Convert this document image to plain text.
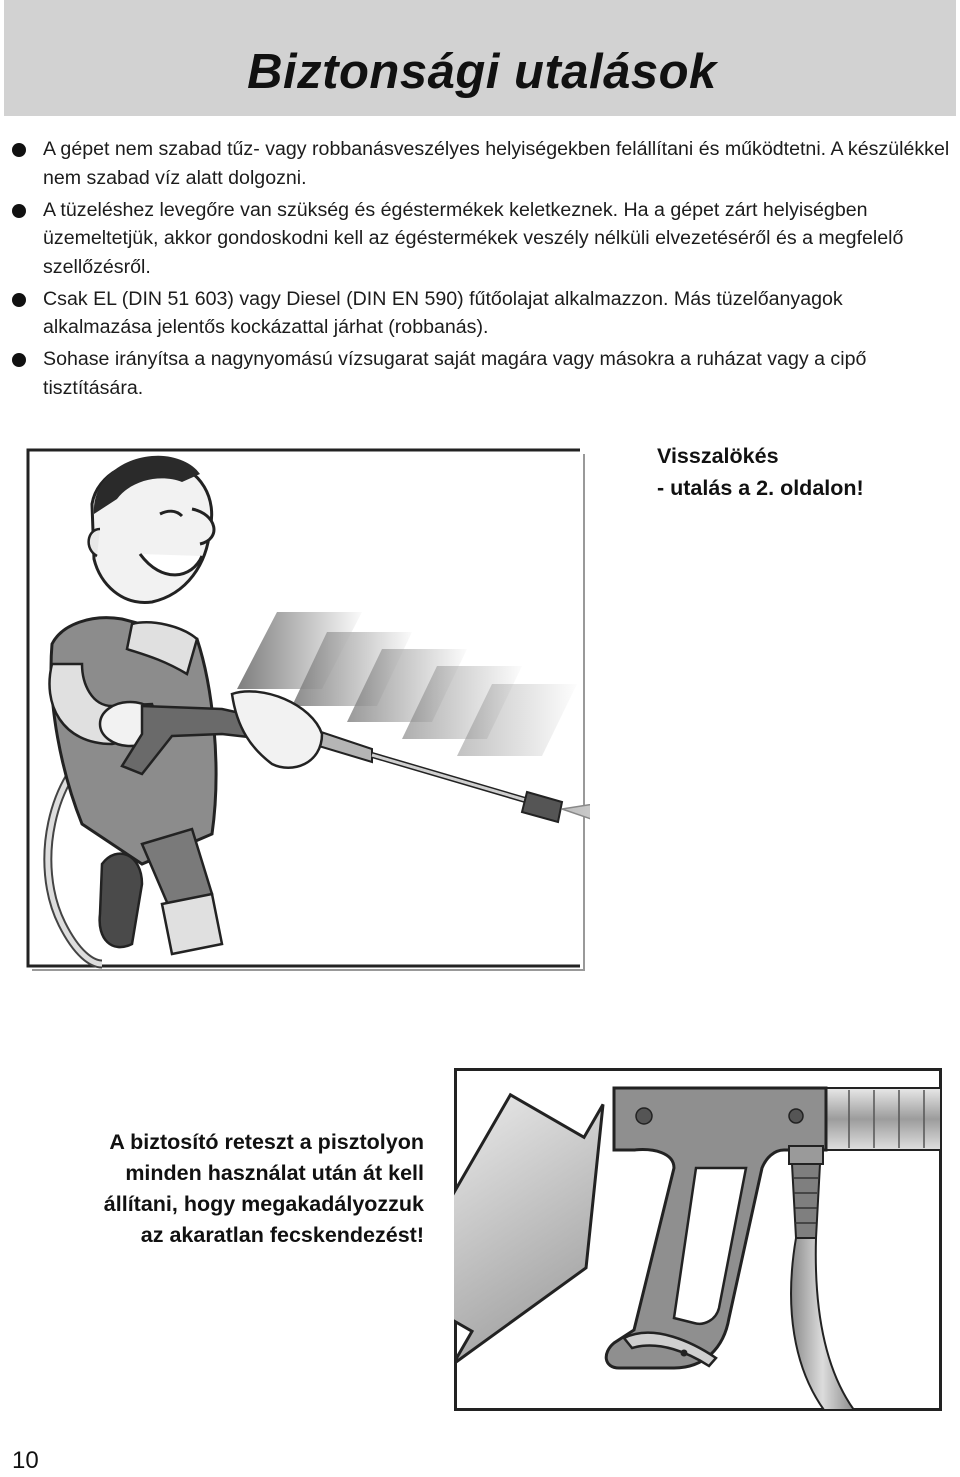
Biztonsági utalások
A gépet nem szabad tűz- vagy robbanásveszélyes helyiségekben felállítani és működtetni. A készülékkel nem szabad víz alatt dolgozni.
A tüzeléshez levegőre van szükség és égéstermékek keletkeznek. Ha a gépet zárt helyiségben üzemeltetjük, akkor gondoskodni kell az égéstermékek veszély nélküli elvezetéséről és a megfelelő szellőzésről.
Csak EL (DIN 51 603) vagy Diesel (DIN EN 590) fűtőolajat alkalmazzon. Más tüzelőanyagok alkalmazása jelentős kockázattal járhat (robbanás).
Sohase irányítsa a nagynyomású vízsugarat saját magára vagy másokra a ruházat vagy a cipő tisztítására.
Visszalökés
- utalás a 2. oldalon!
A biztosító reteszt a pisztolyon
minden használat után át kell
állítani, hogy megakadályozzuk
az akaratlan fecskendezést!
10
